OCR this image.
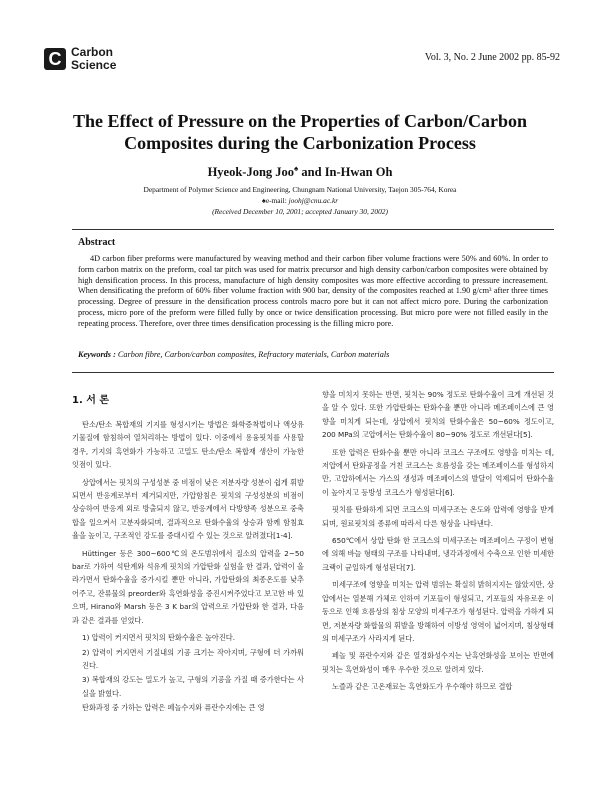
C Carbon
Science
Vol. 3, No. 2 June 2002 pp. 85-92
The Effect of Pressure on the Properties of Carbon/Carbon Composites during the Carbonization Process
Hyeok-Jong Joo♠ and In-Hwan Oh
Department of Polymer Science and Engineering, Chungnam National University, Taejon 305-764, Korea
♠e-mail: joohj@cnu.ac.kr
(Received December 10, 2001; accepted January 30, 2002)
Abstract

4D carbon fiber preforms were manufactured by weaving method and their carbon fiber volume fractions were 50% and 60%. In order to form carbon matrix on the preform, coal tar pitch was used for matrix precursor and high density carbon/carbon composites were obtained by high densification process. In this process, manufacture of high density composites was more effective according to pressure increasement. When densificating the preform of 60% fiber volume fraction with 900 bar, density of the composites reached at 1.90 g/cm³ after three times processing. Degree of pressure in the densification process controls macro pore but it can not affect micro pore. During the carbonization process, micro pore of the preform were filled fully by once or twice densification processing. But micro pore were not filled easily in the repeating process. Therefore, over three times densification processing is the filling micro pore.

Keywords : Carbon fibre, Carbon/carbon composites, Refractory materials, Carbon materials
1. 서 론

탄소/탄소 복합재의 기지를 형성시키는 방법은 화학증착법이나 액상유기물질에 함침하여 열처리하는 방법이 있다. 이중에서 용융핏치를 사용할 경우, 기지의 흑연화가 가능하고 고밀도 탄소/탄소 복합재 생산이 가능한 잇점이 있다.

상압에서는 핏치의 구성성분 중 비점이 낮은 저분자량 성분이 쉽게 휘발되면서 반응계로부터 제거되지만, 가압함침은 핏치의 구성성분의 비점이 상승하여 반응계 외로 방출되지 않고, 반응계에서 다방향족 성분으로 중축합을 일으켜서 고분자화되며, 결과적으로 탄화수율의 상승과 함께 함침효율을 높이고, 구조적인 강도를 증대시킬 수 있는 것으로 알려졌다[1-4].

Hüttinger 등은 300~600℃의 온도범위에서 질소의 압력을 2~50 bar로 가하여 석탄계와 석유계 핏치의 가압탄화 실험을 한 결과, 압력이 올라가면서 탄화수율을 증가시킬 뿐만 아니라, 가압탄화의 최종온도를 낮추어주고, 잔류물의 preorder와 흑연화성을 증진시켜주었다고 보고한 바 있으며, Hirano와 Marsh 등은 3 K bar의 압력으로 가압탄화 한 결과, 다음과 같은 결과를 얻었다.

1) 압력이 커지면서 핏치의 탄화수율은 높아진다.

2) 압력이 커지면서 기질내의 기공 크기는 작아지며, 구형에 더 가까워진다.

3) 복합재의 강도는 밀도가 높고, 구형의 기공을 가질 때 증가한다는 사실을 밝혔다.

탄화과정 중 가하는 압력은 페놀수지와 퓨란수지에는 큰 영

향을 미치지 못하는 반면, 핏치는 90% 정도로 탄화수율이 크게 개선된 것을 알 수 있다. 또한 가압탄화는 탄화수율 뿐만 아니라 메조페이스에 큰 영향을 미치게 되는데, 상압에서 핏치의 탄화수율은 50~60% 정도이고, 200 MPa의 고압에서는 탄화수율이 80~90% 정도로 개선된다[5].

또한 압력은 탄화수율 뿐만 아니라 코크스 구조에도 영향을 미치는 데, 저압에서 탄화공정을 거친 코크스는 흐름성을 갖는 메조페이스를 형성하지만, 고압하에서는 가스의 생성과 메조페이스의 발달이 억제되어 탄화수율이 높아지고 등방성 코크스가 형성된다[6].

핏치를 탄화하게 되면 코크스의 미세구조는 온도와 압력에 영향을 받게 되며, 원료핏치의 종류에 따라서 다른 형상을 나타낸다.

650℃에서 상압 탄화 한 코크스의 미세구조는 메조페이스 구정이 변형에 의해 바늘 형태의 구조를 나타내며, 냉각과정에서 수축으로 인한 미세한 크랙이 균일하게 형성된다[7].

미세구조에 영향을 미치는 압력 범위는 확실히 밝혀지지는 않았지만, 상압에서는 열분해 가체로 인하여 기포들이 형성되고, 기포들의 자유로운 이동으로 인해 흐름상의 침상 모양의 미세구조가 형성된다. 압력을 가하게 되면, 저분자량 화합물의 휘발을 방해하여 이방성 영역이 넓어지며, 침상형태의 미세구조가 사라지게 된다.

페놀 및 퓨란수지와 같은 열경화성수지는 난흑연화성을 보이는 반면에 핏치는 흑연화성이 매우 우수한 것으로 알려져 있다.

노즐과 같은 고온재료는 흑연화도가 우수해야 하므로 결합
